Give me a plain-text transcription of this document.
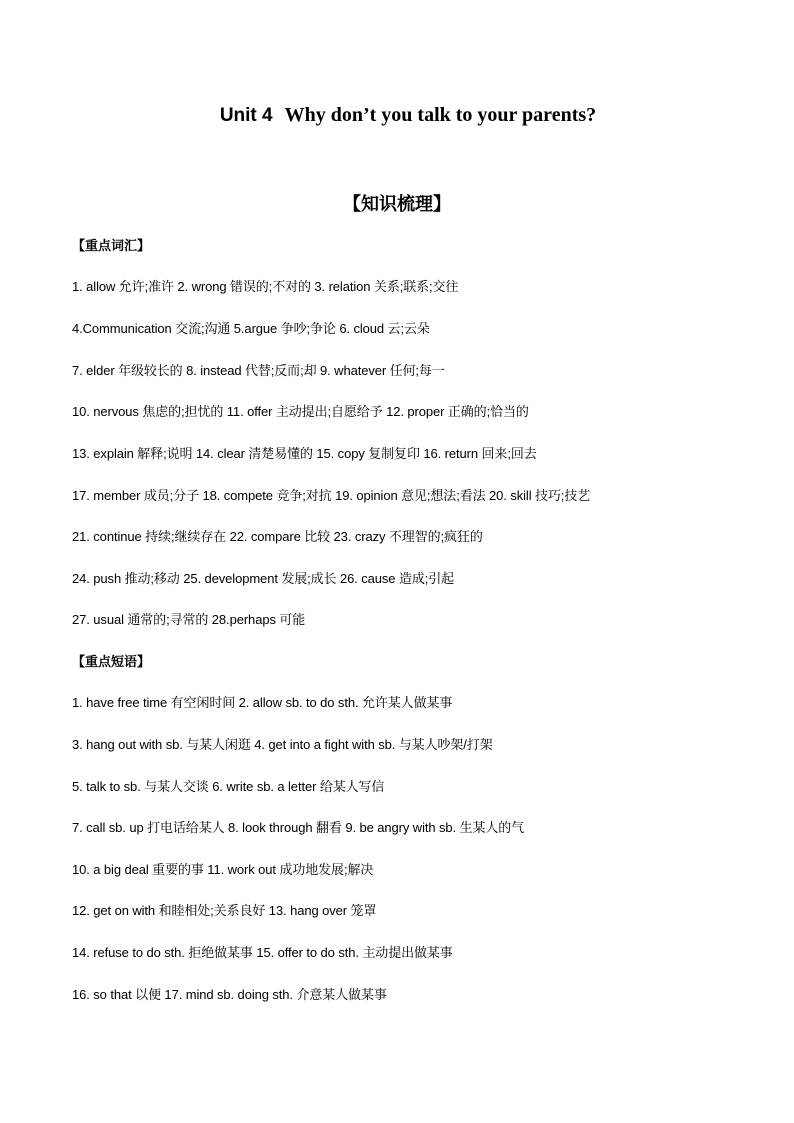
Unit 4 Why don’t you talk to your parents?
【知识梳理】
【重点词汇】
1. allow 允许;准许 2. wrong 错误的;不对的 3. relation 关系;联系;交往
4.Communication 交流;沟通 5.argue 争吵;争论 6. cloud 云;云朵
7. elder 年级较长的 8. instead 代替;反而;却 9. whatever 任何;每一
10. nervous 焦虑的;担忧的 11. offer 主动提出;自愿给予 12. proper 正确的;恰当的
13. explain 解释;说明 14. clear 清楚易懂的 15. copy 复制复印 16. return 回来;回去
17. member 成员;分子 18. compete 竞争;对抗 19. opinion 意见;想法;看法 20. skill 技巧;技艺
21. continue 持续;继续存在 22. compare 比较 23. crazy 不理智的;疯狂的
24. push 推动;移动 25. development 发展;成长 26. cause 造成;引起
27. usual 通常的;寻常的 28.perhaps 可能
【重点短语】
1. have free time 有空闲时间 2. allow sb. to do sth. 允许某人做某事
3. hang out with sb. 与某人闲逛 4. get into a fight with sb. 与某人吵架/打架
5. talk to sb. 与某人交谈 6. write sb. a letter 给某人写信
7. call sb. up 打电话给某人 8. look through 翻看 9. be angry with sb. 生某人的气
10. a big deal 重要的事 11. work out 成功地发展;解决
12. get on with 和睦相处;关系良好 13. hang over 笼罩
14. refuse to do sth. 拒绝做某事 15. offer to do sth. 主动提出做某事
16. so that 以便 17. mind sb. doing sth. 介意某人做某事
